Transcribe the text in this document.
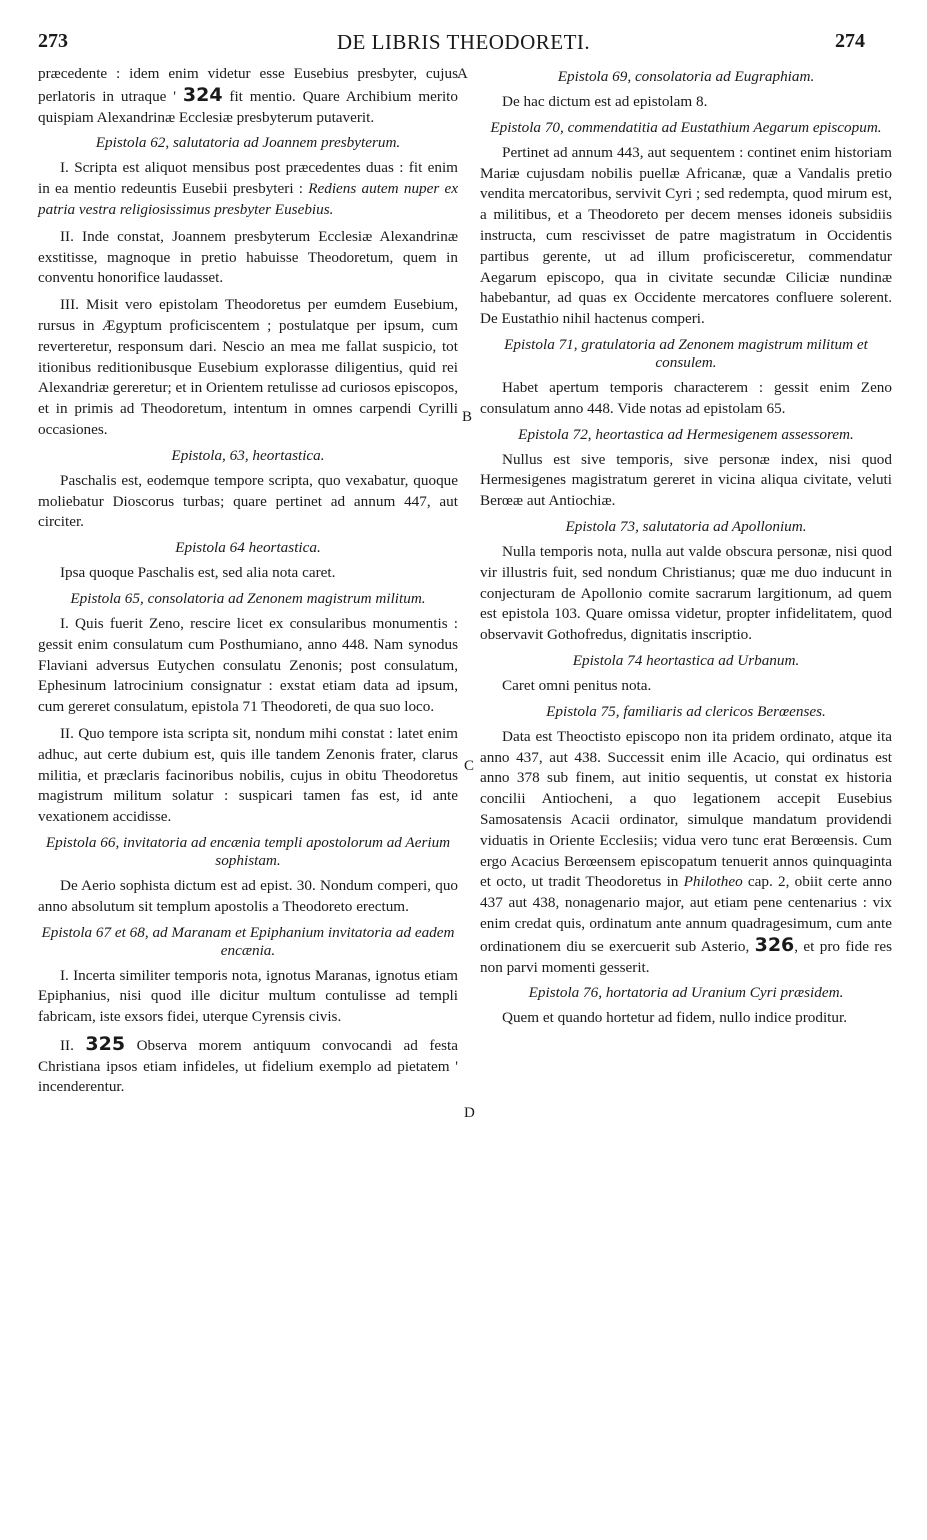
273	DE LIBRIS THEODORETI.	274
A
B
C
D

præcedente : idem enim videtur esse Eusebius presbyter, cujus perlatoris in utraque ' 324 fit mentio. Quare Archibium merito quispiam Alexandrinæ Ecclesiæ presbyterum putaverit.

Epistola 62, salutatoria ad Joannem presbyterum.

I. Scripta est aliquot mensibus post præcedentes duas : fit enim in ea mentio redeuntis Eusebii presbyteri : Rediens autem nuper ex patria vestra religiosissimus presbyter Eusebius.

II. Inde constat, Joannem presbyterum Ecclesiæ Alexandrinæ exstitisse, magnoque in pretio habuisse Theodoretum, quem in conventu honorifice laudasset.

III. Misit vero epistolam Theodoretus per eumdem Eusebium, rursus in Ægyptum proficiscentem ; postulatque per ipsum, cum reverteretur, responsum dari. Nescio an mea me fallat suspicio, tot itionibus reditionibusque Eusebium explorasse diligentius, quid rei Alexandriæ gereretur; et in Orientem retulisse ad curiosos episcopos, et in primis ad Theodoretum, intentum in omnes carpendi Cyrilli occasiones.

Epistola, 63, heortastica.

Paschalis est, eodemque tempore scripta, quo vexabatur, quoque moliebatur Dioscorus turbas; quare pertinet ad annum 447, aut circiter.

Epistola 64 heortastica.

Ipsa quoque Paschalis est, sed alia nota caret.

Epistola 65, consolatoria ad Zenonem magistrum militum.

I. Quis fuerit Zeno, rescire licet ex consularibus monumentis : gessit enim consulatum cum Posthumiano, anno 448. Nam synodus Flaviani adversus Eutychen consulatu Zenonis; post consulatum, Ephesinum latrocinium consignatur : exstat etiam data ad ipsum, cum gereret consulatum, epistola 71 Theodoreti, de qua suo loco.

II. Quo tempore ista scripta sit, nondum mihi constat : latet enim adhuc, aut certe dubium est, quis ille tandem Zenonis frater, clarus militia, et præclaris facinoribus nobilis, cujus in obitu Theodoretus magistrum militum solatur : suspicari tamen fas est, id ante vexationem accidisse.

Epistola 66, invitatoria ad encænia templi apostolorum ad Aerium sophistam.

De Aerio sophista dictum est ad epist. 30. Nondum comperi, quo anno absolutum sit templum apostolis a Theodoreto erectum.

Epistola 67 et 68, ad Maranam et Epiphanium invitatoria ad eadem encænia.

I. Incerta similiter temporis nota, ignotus Maranas, ignotus etiam Epiphanius, nisi quod ille dicitur multum contulisse ad templi fabricam, iste exsors fidei, uterque Cyrensis civis.

II. 325 Observa morem antiquum convocandi ad festa Christiana ipsos etiam infideles, ut fidelium exemplo ad pietatem ' incenderentur.

Epistola 69, consolatoria ad Eugraphiam.

De hac dictum est ad epistolam 8.

Epistola 70, commendatitia ad Eustathium Aegarum episcopum.

Pertinet ad annum 443, aut sequentem : continet enim historiam Mariæ cujusdam nobilis puellæ Africanæ, quæ a Vandalis pretio vendita mercatoribus, servivit Cyri ; sed redempta, quod mirum est, a militibus, et a Theodoreto per decem menses idoneis subsidiis instructa, cum rescivisset de patre magistratum in Occidentis partibus gerente, ut ad illum proficisceretur, commendatur Aegarum episcopo, qua in civitate secundæ Ciliciæ nundinæ habebantur, ad quas ex Occidente mercatores confluere solerent. De Eustathio nihil hactenus comperi.

Epistola 71, gratulatoria ad Zenonem magistrum militum et consulem.

Habet apertum temporis characterem : gessit enim Zeno consulatum anno 448. Vide notas ad epistolam 65.

Epistola 72, heortastica ad Hermesigenem assessorem.

Nullus est sive temporis, sive personæ index, nisi quod Hermesigenes magistratum gereret in vicina aliqua civitate, veluti Berœæ aut Antiochiæ.

Epistola 73, salutatoria ad Apollonium.

Nulla temporis nota, nulla aut valde obscura personæ, nisi quod vir illustris fuit, sed nondum Christianus; quæ me duo inducunt in conjecturam de Apollonio comite sacrarum largitionum, ad quem est epistola 103. Quare omissa videtur, propter infidelitatem, quod observavit Gothofredus, dignitatis inscriptio.

Epistola 74 heortastica ad Urbanum.

Caret omni penitus nota.

Epistola 75, familiaris ad clericos Berœenses.

Data est Theoctisto episcopo non ita pridem ordinato, atque ita anno 437, aut 438. Successit enim ille Acacio, qui ordinatus est anno 378 sub finem, aut initio sequentis, ut constat ex historia concilii Antiocheni, a quo legationem accepit Eusebius Samosatensis Acacii ordinator, simulque mandatum providendi viduatis in Oriente Ecclesiis; vidua vero tunc erat Berœensis. Cum ergo Acacius Berœensem episcopatum tenuerit annos quinquaginta et octo, ut tradit Theodoretus in Philotheo cap. 2, obiit certe anno 437 aut 438, nonagenario major, aut etiam pene centenarius : vix enim credat quis, ordinatum ante annum quadragesimum, cum ante ordinationem diu se exercuerit sub Asterio, 326, et pro fide res non parvi momenti gesserit.

Epistola 76, hortatoria ad Uranium Cyri præsidem.

Quem et quando hortetur ad fidem, nullo indice proditur.
